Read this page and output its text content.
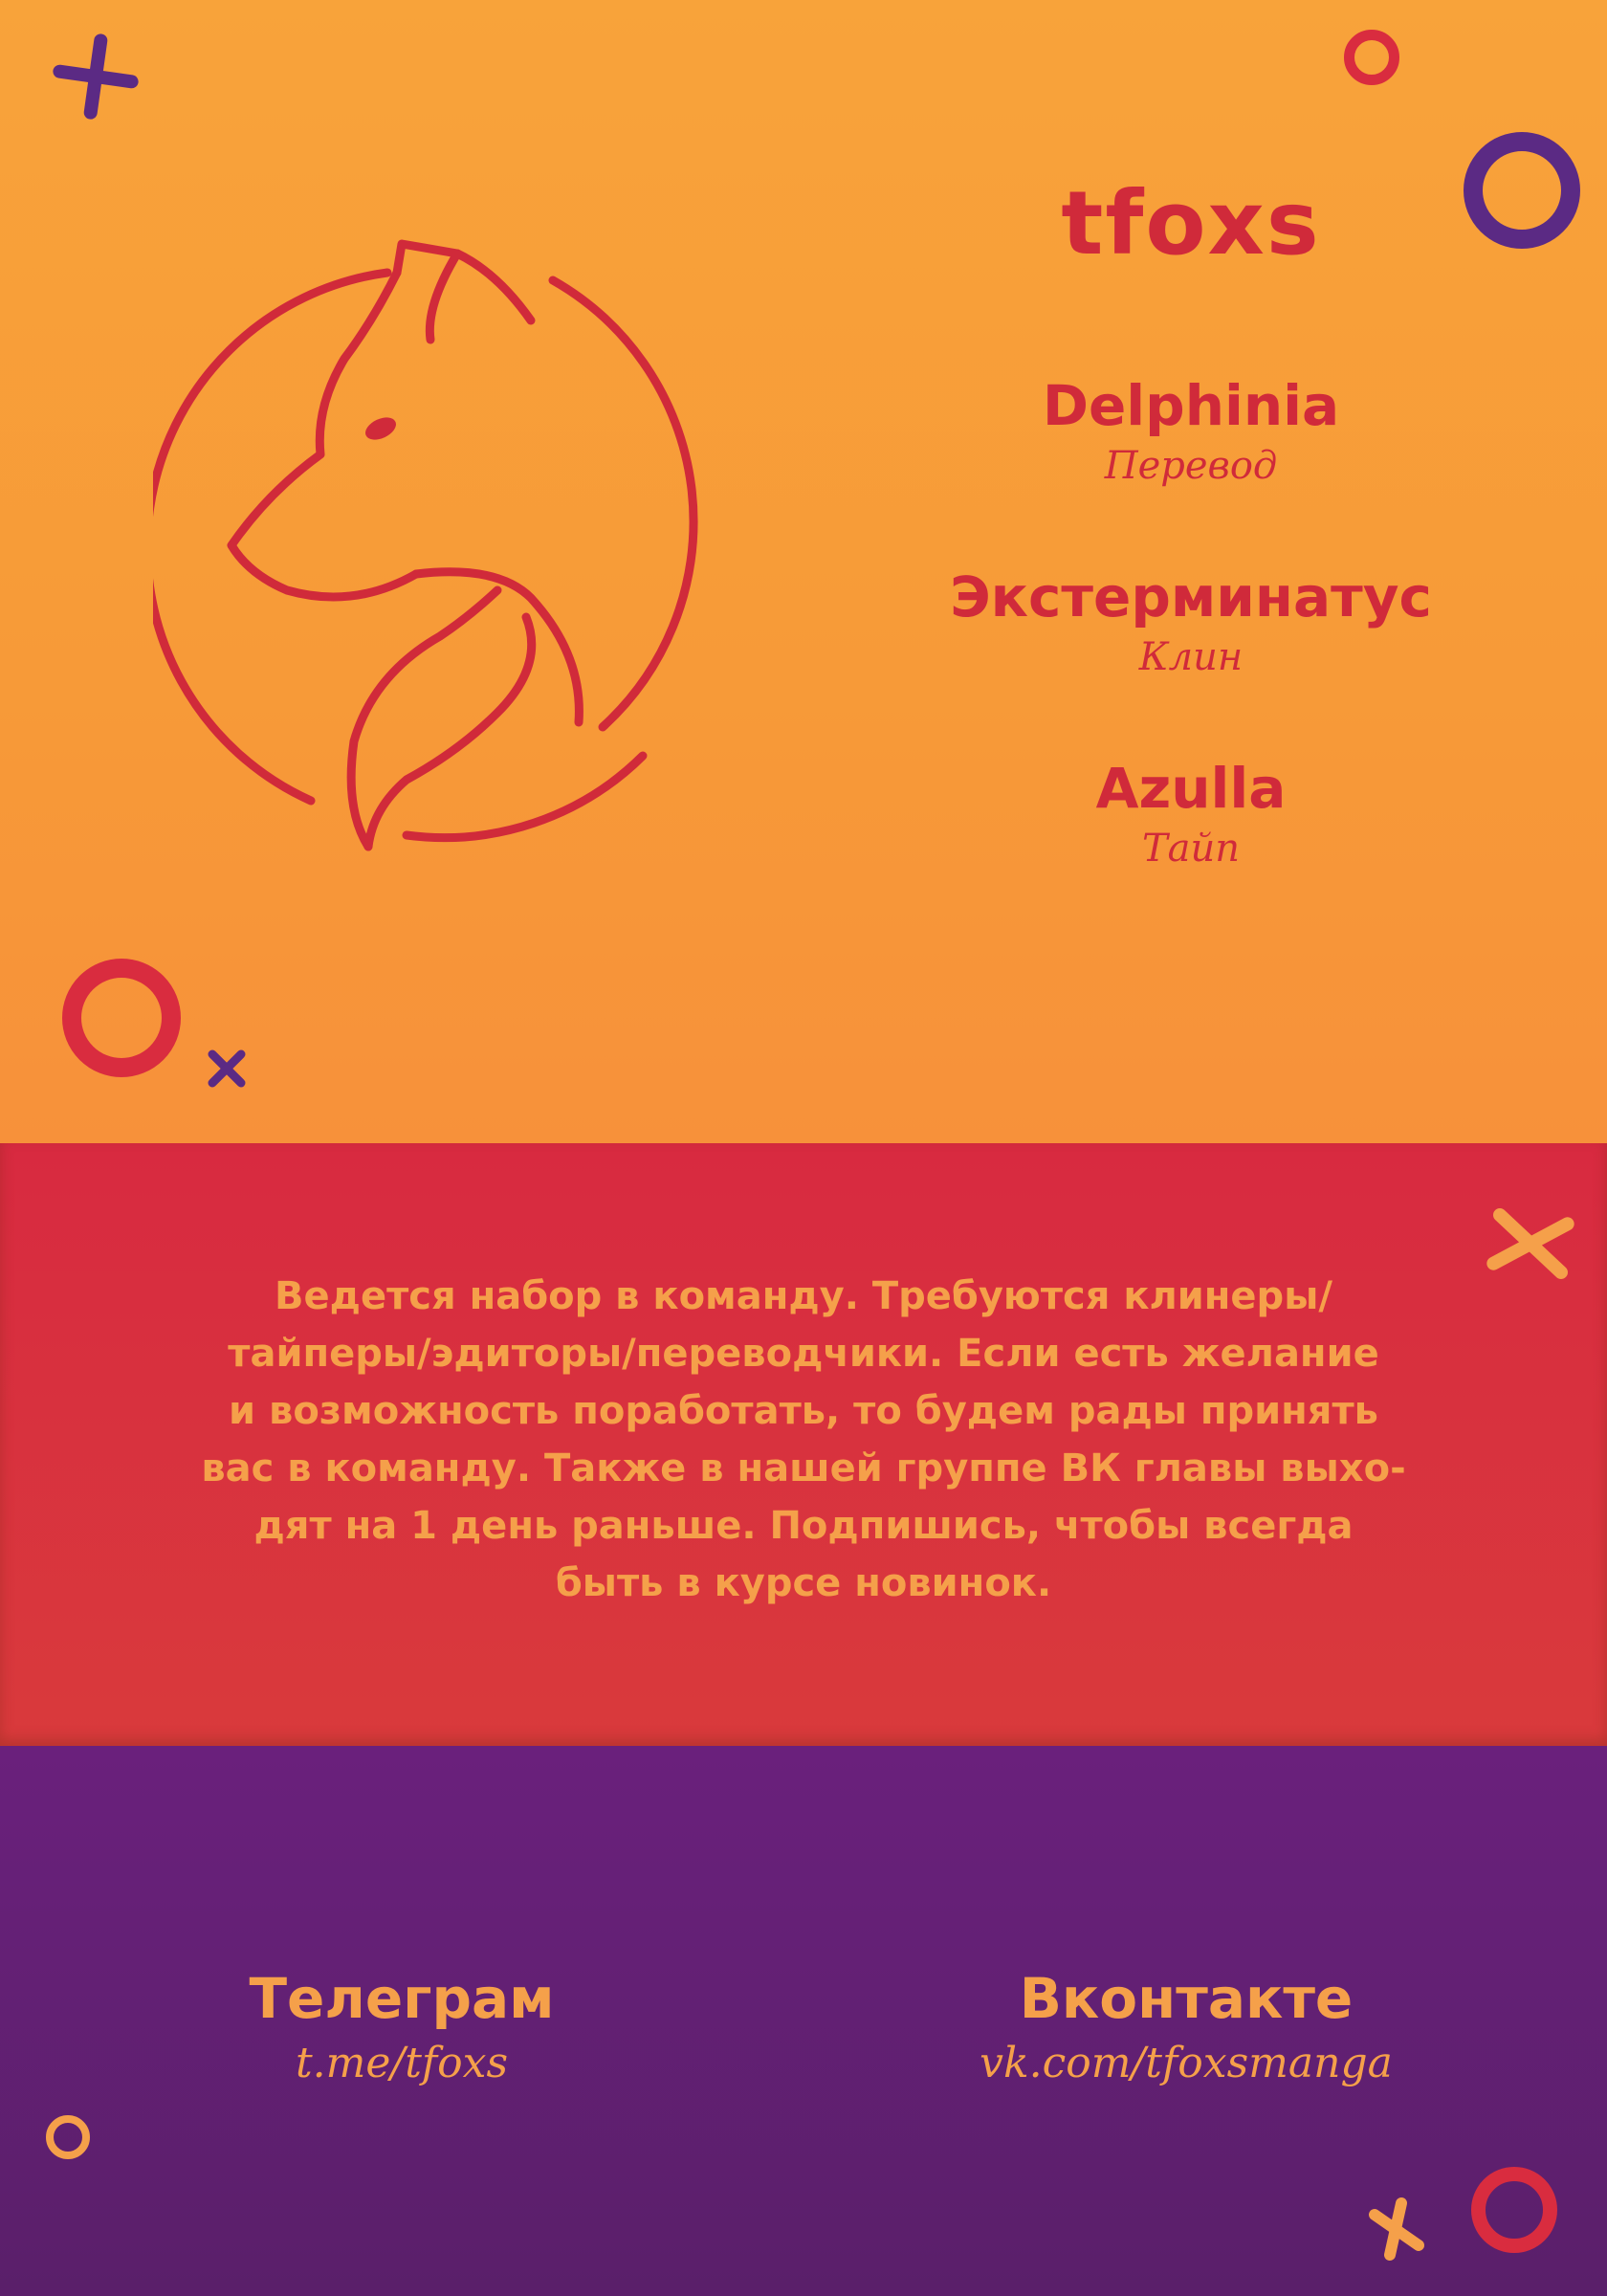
tfoxs
Delphinia
Перевод
Экстерминатус
Клин
Azulla
Тайп
Ведется набор в команду. Требуются клинеры/
тайперы/эдиторы/переводчики. Если есть желание
и возможность поработать, то будем рады принять
вас в команду. Также в нашей группе ВК главы выхо-
дят на 1 день раньше. Подпишись, чтобы всегда
быть в курсе новинок.
Телеграм
t.me/tfoxs
Вконтакте
vk.com/tfoxsmanga
